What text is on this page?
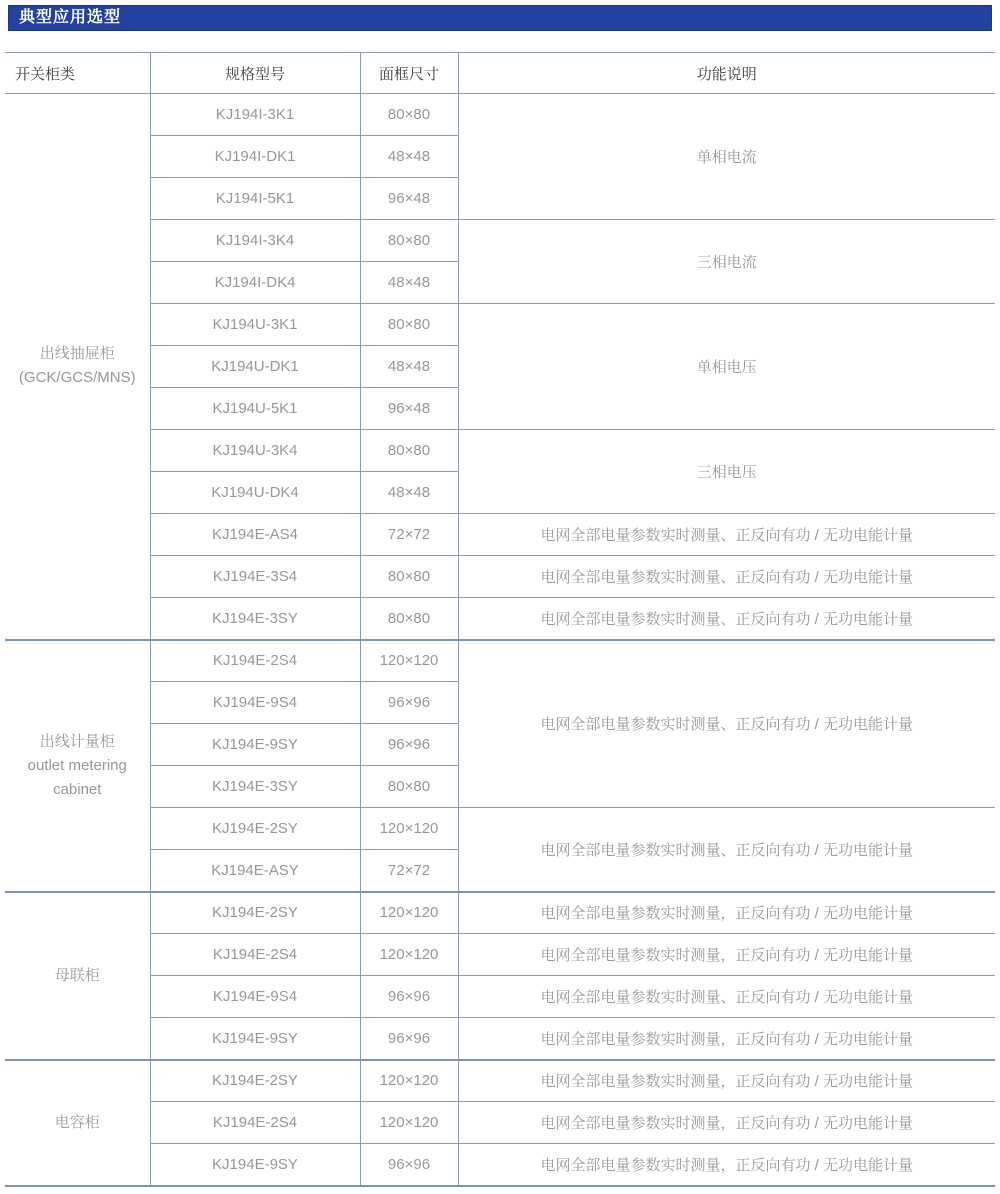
典型应用选型
开关柜类	规格型号	面框尺寸	功能说明

出线抽屉柜
(GCK/GCS/MNS)	KJ194I-3K1	80×80	单相电流
	KJ194I-DK1	48×48	
	KJ194I-5K1	96×48	
	KJ194I-3K4	80×80	三相电流
	KJ194I-DK4	48×48	
	KJ194U-3K1	80×80	单相电压
	KJ194U-DK1	48×48	
	KJ194U-5K1	96×48	
	KJ194U-3K4	80×80	三相电压
	KJ194U-DK4	48×48	
	KJ194E-AS4	72×72	电网全部电量参数实时测量、正反向有功 / 无功电能计量
	KJ194E-3S4	80×80	电网全部电量参数实时测量、正反向有功 / 无功电能计量
	KJ194E-3SY	80×80	电网全部电量参数实时测量、正反向有功 / 无功电能计量

出线计量柜
outlet metering
cabinet	KJ194E-2S4	120×120	电网全部电量参数实时测量、正反向有功 / 无功电能计量
	KJ194E-9S4	96×96	
	KJ194E-9SY	96×96	
	KJ194E-3SY	80×80	
	KJ194E-2SY	120×120	电网全部电量参数实时测量、正反向有功 / 无功电能计量
	KJ194E-ASY	72×72	

母联柜	KJ194E-2SY	120×120	电网全部电量参数实时测量，正反向有功 / 无功电能计量
	KJ194E-2S4	120×120	电网全部电量参数实时测量，正反向有功 / 无功电能计量
	KJ194E-9S4	96×96	电网全部电量参数实时测量、正反向有功 / 无功电能计量
	KJ194E-9SY	96×96	电网全部电量参数实时测量，正反向有功 / 无功电能计量

电容柜	KJ194E-2SY	120×120	电网全部电量参数实时测量，正反向有功 / 无功电能计量
	KJ194E-2S4	120×120	电网全部电量参数实时测量，正反向有功 / 无功电能计量
	KJ194E-9SY	96×96	电网全部电量参数实时测量，正反向有功 / 无功电能计量
